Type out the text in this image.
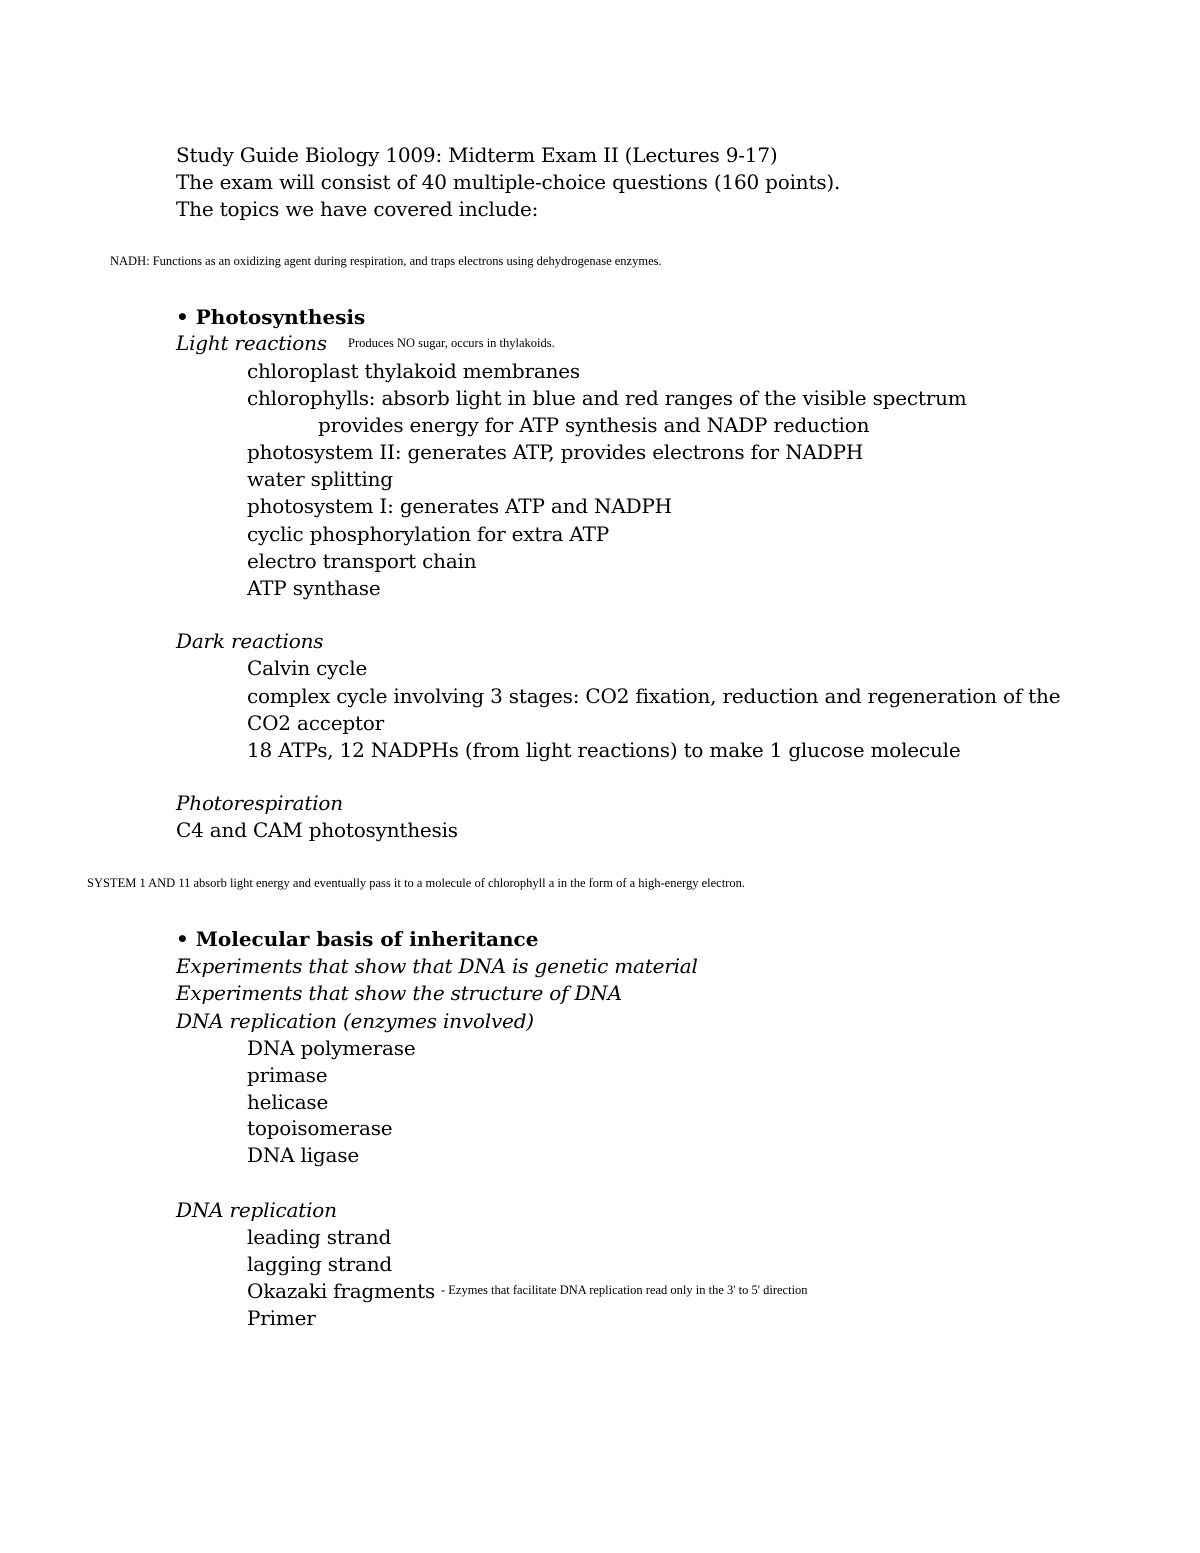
Study Guide Biology 1009: Midterm Exam II (Lectures 9-17)
The exam will consist of 40 multiple-choice questions (160 points).
The topics we have covered include:
NADH: Functions as an oxidizing agent during respiration, and traps electrons using dehydrogenase enzymes.
• Photosynthesis
Light reactions Produces NO sugar, occurs in thylakoids.
chloroplast thylakoid membranes
chlorophylls: absorb light in blue and red ranges of the visible spectrum
provides energy for ATP synthesis and NADP reduction
photosystem II: generates ATP, provides electrons for NADPH
water splitting
photosystem I: generates ATP and NADPH
cyclic phosphorylation for extra ATP
electro transport chain
ATP synthase
Dark reactions
Calvin cycle
complex cycle involving 3 stages: CO2 fixation, reduction and regeneration of the
CO2 acceptor
18 ATPs, 12 NADPHs (from light reactions) to make 1 glucose molecule
Photorespiration
C4 and CAM photosynthesis
SYSTEM 1 AND 11 absorb light energy and eventually pass it to a molecule of chlorophyll a in the form of a high-energy electron.
• Molecular basis of inheritance
Experiments that show that DNA is genetic material
Experiments that show the structure of DNA
DNA replication (enzymes involved)
DNA polymerase
primase
helicase
topoisomerase
DNA ligase
DNA replication
leading strand
lagging strand
Okazaki fragments - Ezymes that facilitate DNA replication read only in the 3' to 5' direction
Primer
